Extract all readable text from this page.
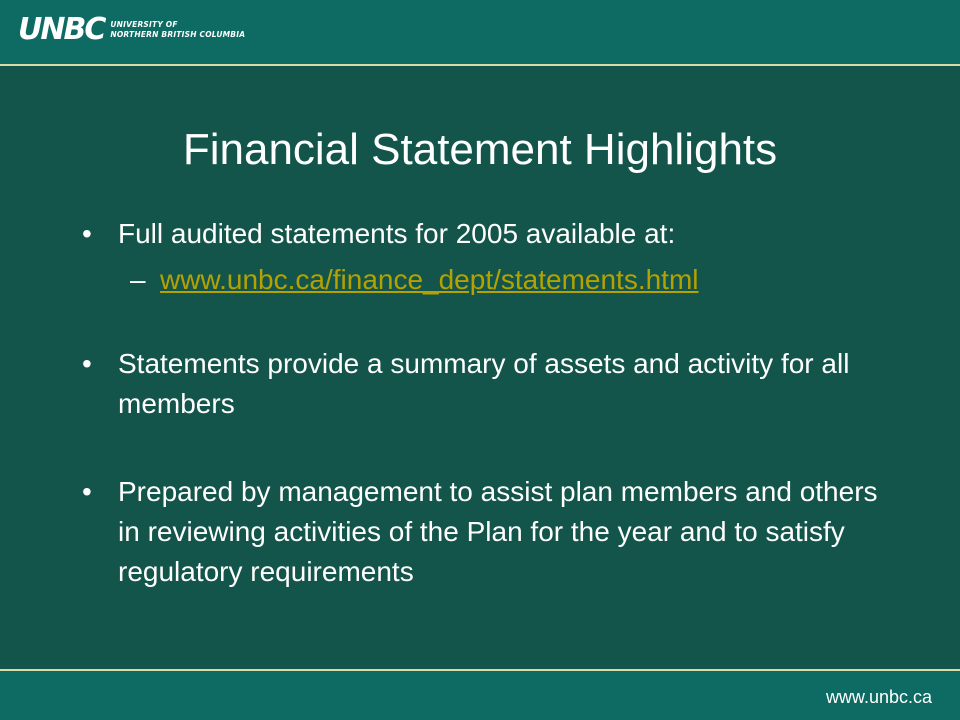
UNBC UNIVERSITY OF
NORTHERN BRITISH COLUMBIA
Financial Statement Highlights

• Full audited statements for 2005 available at:

– www.unbc.ca/finance_dept/statements.html

• Statements provide a summary of assets and activity for all members

• Prepared by management to assist plan members and others in reviewing activities of the Plan for the year and to satisfy regulatory requirements

www.unbc.ca
